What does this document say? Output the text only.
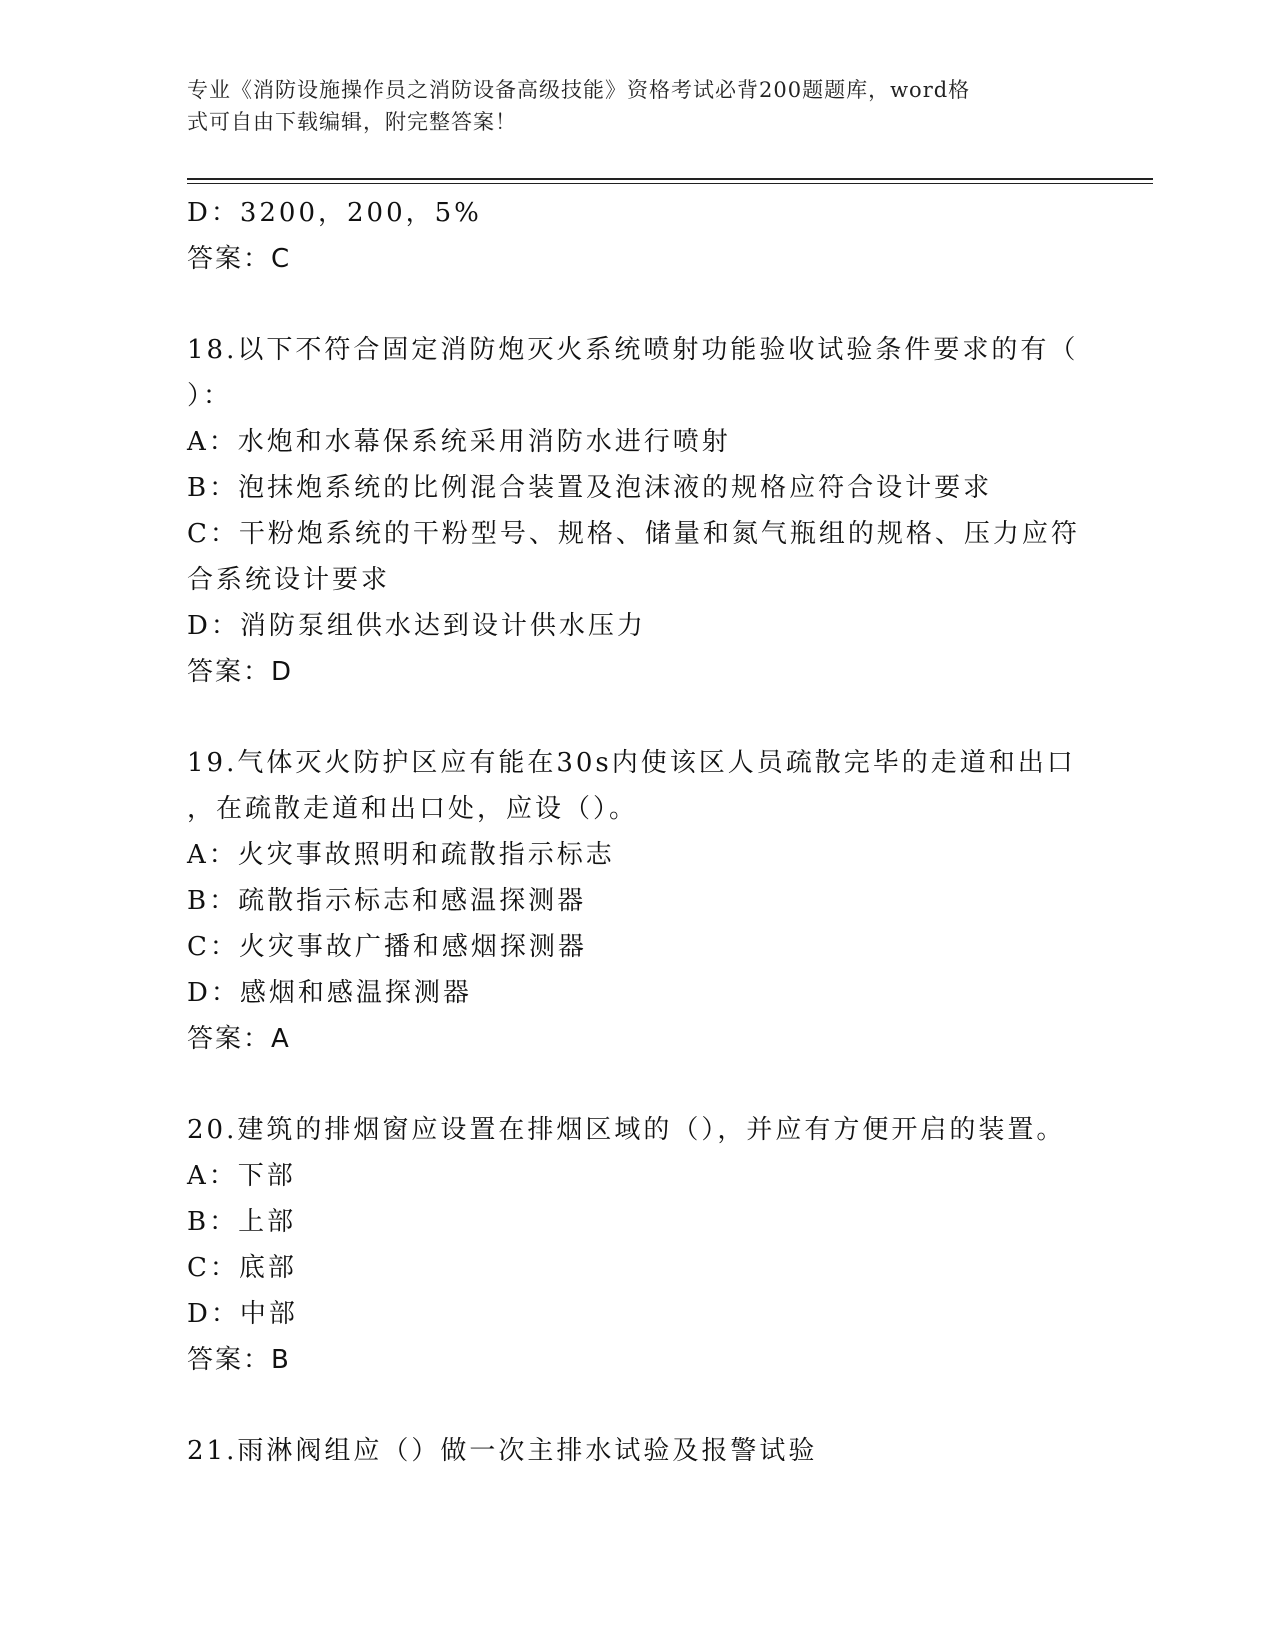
专业《消防设施操作员之消防设备高级技能》资格考试必背200题题库，word格
式可自由下载编辑，附完整答案！
D：3200，200，5%
答案：C
18.以下不符合固定消防炮灭火系统喷射功能验收试验条件要求的有（
）：
A：水炮和水幕保系统采用消防水进行喷射
B：泡抹炮系统的比例混合装置及泡沫液的规格应符合设计要求
C：干粉炮系统的干粉型号、规格、储量和氮气瓶组的规格、压力应符
合系统设计要求
D：消防泵组供水达到设计供水压力
答案：D
19.气体灭火防护区应有能在30s内使该区人员疏散完毕的走道和出口
，在疏散走道和出口处，应设（）。
A：火灾事故照明和疏散指示标志
B：疏散指示标志和感温探测器
C：火灾事故广播和感烟探测器
D：感烟和感温探测器
答案：A
20.建筑的排烟窗应设置在排烟区域的（），并应有方便开启的装置。
A：下部
B：上部
C：底部
D：中部
答案：B
21.雨淋阀组应（）做一次主排水试验及报警试验
